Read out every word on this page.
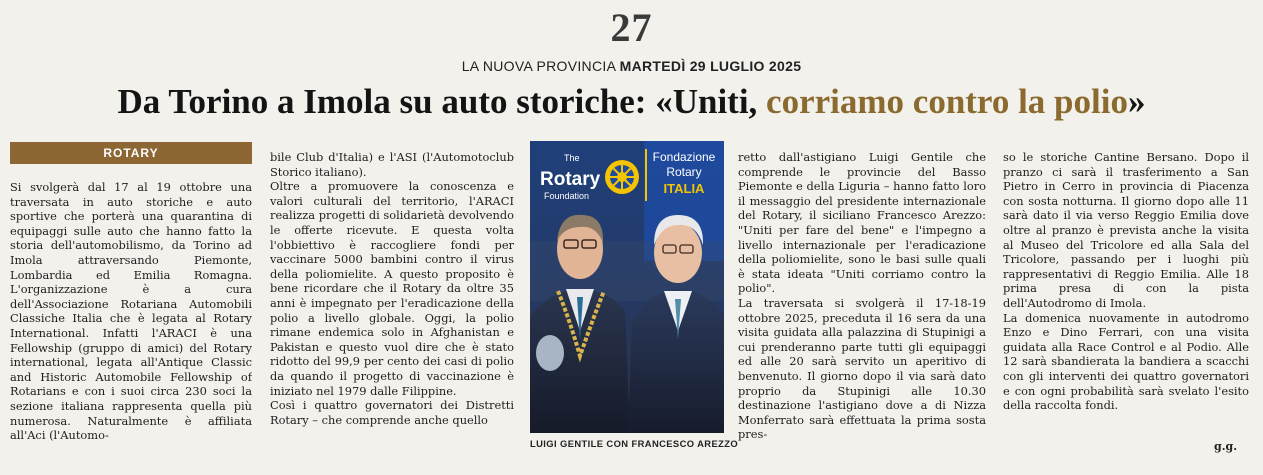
27
LA NUOVA PROVINCIA MARTEDÌ 29 LUGLIO 2025
Da Torino a Imola su auto storiche: «Uniti, corriamo contro la polio»
ROTARY

Si svolgerà dal 17 al 19 ottobre una traversata in auto storiche e auto sportive che porterà una quarantina di equipaggi sulle auto che hanno fatto la storia dell'automobilismo, da Torino ad Imola attraversando Piemonte, Lombardia ed Emilia Romagna. L'organizzazione è a cura dell'Associazione Rotariana Automobili Classiche Italia che è legata al Rotary International. Infatti l'ARACI è una Fellowship (gruppo di amici) del Rotary international, legata all'Antique Classic and Historic Automobile Fellowship of Rotarians e con i suoi circa 230 soci la sezione italiana rappresenta quella più numerosa. Naturalmente è affiliata all'Aci (l'Automo-

bile Club d'Italia) e l'ASI (l'Automotoclub Storico italiano).

Oltre a promuovere la conoscenza e valori culturali del territorio, l'ARACI realizza progetti di solidarietà devolvendo le offerte ricevute. E questa volta l'obbiettivo è raccogliere fondi per vaccinare 5000 bambini contro il virus della poliomielite. A questo proposito è bene ricordare che il Rotary da oltre 35 anni è impegnato per l'eradicazione della polio a livello globale. Oggi, la polio rimane endemica solo in Afghanistan e Pakistan e questo vuol dire che è stato ridotto del 99,9 per cento dei casi di polio da quando il progetto di vaccinazione è iniziato nel 1979 dalle Filippine.

Così i quattro governatori dei Distretti Rotary – che comprende anche quello

Fondazione
Rotary
ITALIA
The
Rotary
Foundation
LUIGI GENTILE CON FRANCESCO AREZZO

retto dall'astigiano Luigi Gentile che comprende le provincie del Basso Piemonte e della Liguria – hanno fatto loro il messaggio del presidente internazionale del Rotary, il siciliano Francesco Arezzo: "Uniti per fare del bene" e l'impegno a livello internazionale per l'eradicazione della poliomielite, sono le basi sulle quali è stata ideata "Uniti corriamo contro la polio".

La traversata si svolgerà il 17-18-19 ottobre 2025, preceduta il 16 sera da una visita guidata alla palazzina di Stupinigi a cui prenderanno parte tutti gli equipaggi ed alle 20 sarà servito un aperitivo di benvenuto. Il giorno dopo il via sarà dato proprio da Stupinigi alle 10.30 destinazione l'astigiano dove a di Nizza Monferrato sarà effettuata la prima sosta pres-

so le storiche Cantine Bersano. Dopo il pranzo ci sarà il trasferimento a San Pietro in Cerro in provincia di Piacenza con sosta notturna. Il giorno dopo alle 11 sarà dato il via verso Reggio Emilia dove oltre al pranzo è prevista anche la visita al Museo del Tricolore ed alla Sala del Tricolore, passando per i luoghi più rappresentativi di Reggio Emilia. Alle 18 prima presa di con la pista dell'Autodromo di Imola.

La domenica nuovamente in autodromo Enzo e Dino Ferrari, con una visita guidata alla Race Control e al Podio. Alle 12 sarà sbandierata la bandiera a scacchi con gli interventi dei quattro governatori e con ogni probabilità sarà svelato l'esito della raccolta fondi.

g.g.
